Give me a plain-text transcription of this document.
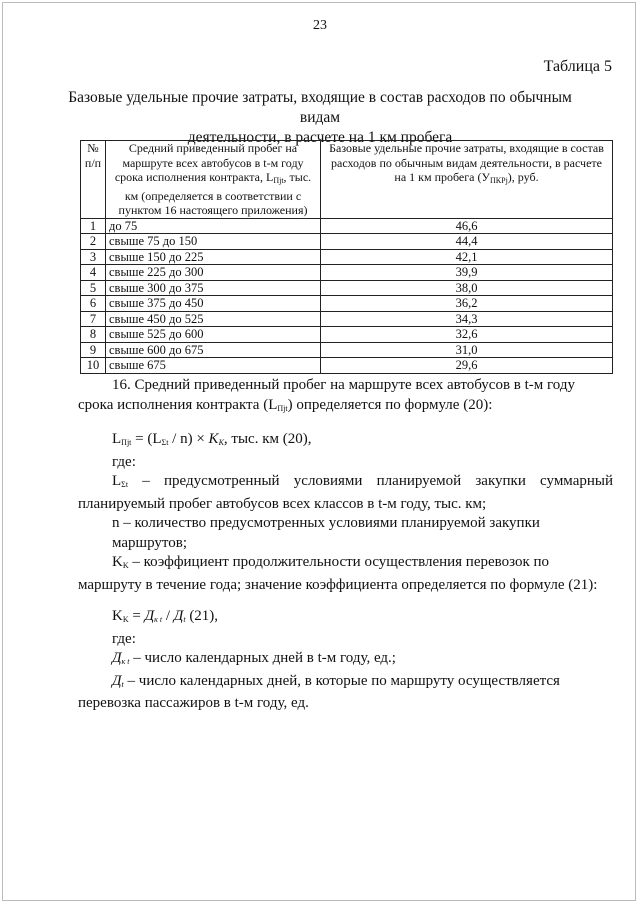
23
Таблица 5
Базовые удельные прочие затраты, входящие в состав расходов по обычным видам
деятельности, в расчете на 1 км пробега
№ п/п	Средний приведенный пробег на маршруте всех автобусов в t-м году срока исполнения контракта, $L_{Пjt}$, тыс. км (определяется в соответствии с пунктом 16 настоящего приложения)	Базовые удельные прочие затраты, входящие в состав расходов по обычным видам деятельности, в расчете на 1 км пробега $(У_{ПКРj})$, руб.
1	до 75	46,6
2	свыше 75 до 150	44,4
3	свыше 150 до 225	42,1
4	свыше 225 до 300	39,9
5	свыше 300 до 375	38,0
6	свыше 375 до 450	36,2
7	свыше 450 до 525	34,3
8	свыше 525 до 600	32,6
9	свыше 600 до 675	31,0
10	свыше 675	29,6

16. Средний приведенный пробег на маршруте всех автобусов в t-м году срока исполнения контракта $(L_{Пjt})$ определяется по формуле (20):

$L_{Пjt} = (L_{\Sigma t} / n) \times K_K$, тыс. км (20),
где:
$L_{\Sigma t}$ – предусмотренный условиями планируемой закупки суммарный
планируемый пробег автобусов всех классов в t-м году, тыс. км;
n – количество предусмотренных условиями планируемой закупки маршрутов;

$K_K$ – коэффициент продолжительности осуществления перевозок по маршруту в течение года; значение коэффициента определяется по формуле (21):

$K_K = Д_{к t} / Д_t$ (21),
где:
$Д_{к t}$ – число календарных дней в t-м году, ед.;

$Д_t$ – число календарных дней, в которые по маршруту осуществляется перевозка пассажиров в t-м году, ед.
